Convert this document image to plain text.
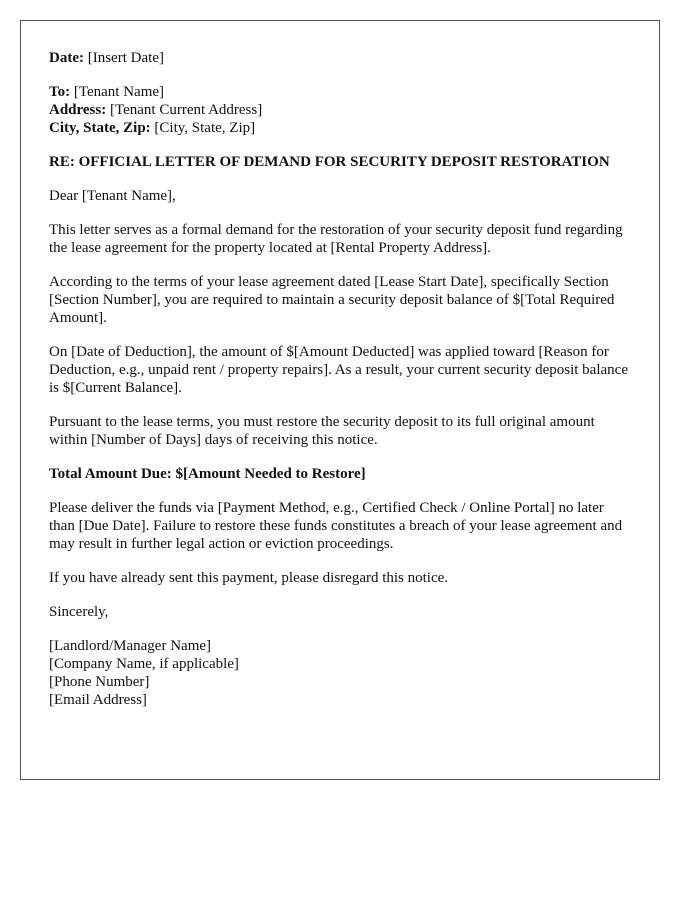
Date: [Insert Date]
To: [Tenant Name]
Address: [Tenant Current Address]
City, State, Zip: [City, State, Zip]
RE: OFFICIAL LETTER OF DEMAND FOR SECURITY DEPOSIT RESTORATION
Dear [Tenant Name],
This letter serves as a formal demand for the restoration of your security deposit fund regarding the lease agreement for the property located at [Rental Property Address].
According to the terms of your lease agreement dated [Lease Start Date], specifically Section [Section Number], you are required to maintain a security deposit balance of $[Total Required Amount].
On [Date of Deduction], the amount of $[Amount Deducted] was applied toward [Reason for Deduction, e.g., unpaid rent / property repairs]. As a result, your current security deposit balance is $[Current Balance].
Pursuant to the lease terms, you must restore the security deposit to its full original amount within [Number of Days] days of receiving this notice.
Total Amount Due: $[Amount Needed to Restore]
Please deliver the funds via [Payment Method, e.g., Certified Check / Online Portal] no later than [Due Date]. Failure to restore these funds constitutes a breach of your lease agreement and may result in further legal action or eviction proceedings.
If you have already sent this payment, please disregard this notice.
Sincerely,
[Landlord/Manager Name]
[Company Name, if applicable]
[Phone Number]
[Email Address]
